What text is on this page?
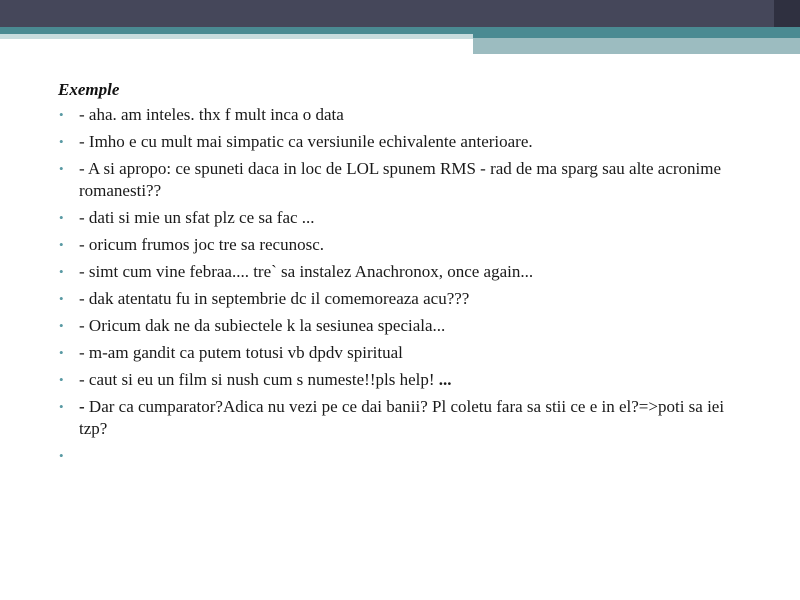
Exemple
• - aha. am inteles. thx f mult inca o data
• - Imho e cu mult mai simpatic ca versiunile echivalente anterioare.
• - A si apropo: ce spuneti daca in loc de LOL spunem RMS - rad de ma sparg sau alte acronime romanesti??
• - dati si mie un sfat plz ce sa fac ...
• - oricum frumos joc tre sa recunosc.
• - simt cum vine febraa.... tre` sa instalez Anachronox, once again...
• - dak atentatu fu in septembrie dc il comemoreaza acu???
• - Oricum dak ne da subiectele k la sesiunea speciala...
• - m-am gandit ca putem totusi vb dpdv spiritual
• - caut si eu un film si nush cum s numeste!!pls help! ...
• - Dar ca cumparator?Adica nu vezi pe ce dai banii? Pl coletu fara sa stii ce e in el?=>poti sa iei tzp?
•
